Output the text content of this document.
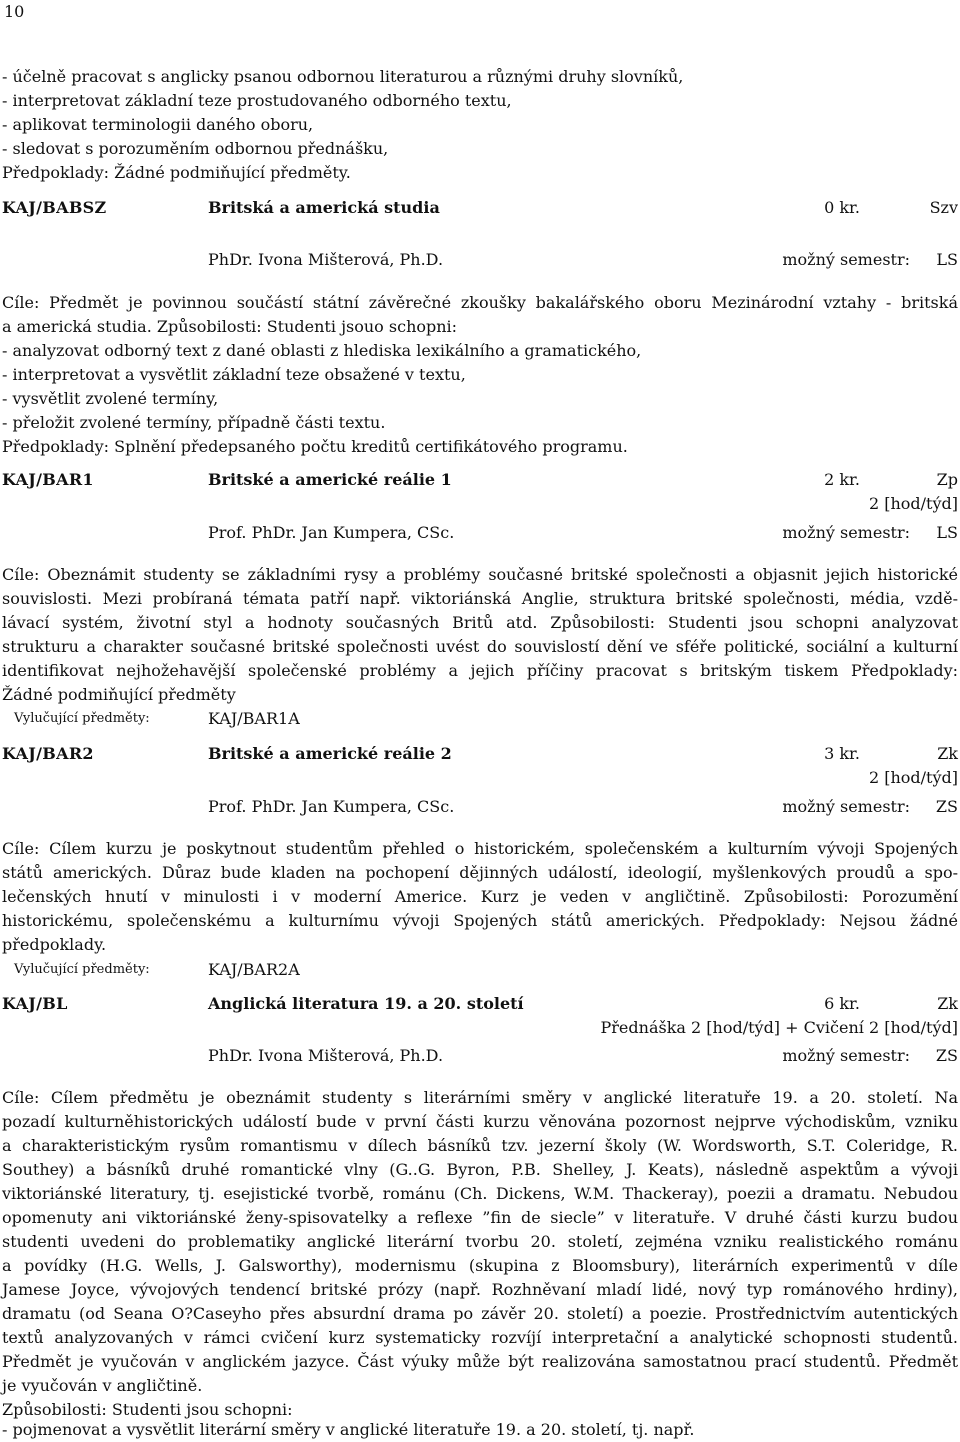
10
- účelně pracovat s anglicky psanou odbornou literaturou a různými druhy slovníků,
- interpretovat základní teze prostudovaného odborného textu,
- aplikovat terminologii daného oboru,
- sledovat s porozuměním odbornou přednášku,
Předpoklady: Žádné podmiňující předměty.
KAJ/BABSZ	Britská a americká studia	0 kr.	Szv
PhDr. Ivona Mišterová, Ph.D.	možný semestr: LS
Cíle: Předmět je povinnou součástí státní závěrečné zkoušky bakalářského oboru Mezinárodní vztahy - britská
a americká studia. Způsobilosti: Studenti jsouo schopni:
- analyzovat odborný text z dané oblasti z hlediska lexikálního a gramatického,
- interpretovat a vysvětlit základní teze obsažené v textu,
- vysvětlit zvolené termíny,
- přeložit zvolené termíny, případně části textu.
Předpoklady: Splnění předepsaného počtu kreditů certifikátového programu.
KAJ/BAR1	Britské a americké reálie 1	2 kr.	Zp
2 [hod/týd]
Prof. PhDr. Jan Kumpera, CSc.	možný semestr: LS
Cíle: Obeznámit studenty se základními rysy a problémy současné britské společnosti a objasnit jejich historické
souvislosti. Mezi probíraná témata patří např. viktoriánská Anglie, struktura britské společnosti, média, vzdě-
lávací systém, životní styl a hodnoty současných Britů atd. Způsobilosti: Studenti jsou schopni analyzovat
strukturu a charakter současné britské společnosti uvést do souvislostí dění ve sféře politické, sociální a kulturní
identifikovat nejhožehavější společenské problémy a jejich příčiny pracovat s britským tiskem Předpoklady:
Žádné podmiňující předměty
Vylučující předměty:	KAJ/BAR1A
KAJ/BAR2	Britské a americké reálie 2	3 kr.	Zk
2 [hod/týd]
Prof. PhDr. Jan Kumpera, CSc.	možný semestr: ZS
Cíle: Cílem kurzu je poskytnout studentům přehled o historickém, společenském a kulturním vývoji Spojených
států amerických. Důraz bude kladen na pochopení dějinných událostí, ideologií, myšlenkových proudů a spo-
lečenských hnutí v minulosti i v moderní Americe. Kurz je veden v angličtině. Způsobilosti: Porozumění
historickému, společenskému a kulturnímu vývoji Spojených států amerických. Předpoklady: Nejsou žádné
předpoklady.
Vylučující předměty:	KAJ/BAR2A
KAJ/BL	Anglická literatura 19. a 20. století	6 kr.	Zk
Přednáška 2 [hod/týd] + Cvičení 2 [hod/týd]
PhDr. Ivona Mišterová, Ph.D.	možný semestr: ZS
Cíle: Cílem předmětu je obeznámit studenty s literárními směry v anglické literatuře 19. a 20. století. Na
pozadí kulturněhistorických událostí bude v první části kurzu věnována pozornost nejprve východiskům, vzniku
a charakteristickým rysům romantismu v dílech básníků tzv. jezerní školy (W. Wordsworth, S.T. Coleridge, R.
Southey) a básníků druhé romantické vlny (G..G. Byron, P.B. Shelley, J. Keats), následně aspektům a vývoji
viktoriánské literatury, tj. esejistické tvorbě, románu (Ch. Dickens, W.M. Thackeray), poezii a dramatu. Nebudou
opomenuty ani viktoriánské ženy-spisovatelky a reflexe ”fin de siecle” v literatuře. V druhé části kurzu budou
studenti uvedeni do problematiky anglické literární tvorbu 20. století, zejména vzniku realistického románu
a povídky (H.G. Wells, J. Galsworthy), modernismu (skupina z Bloomsbury), literárních experimentů v díle
Jamese Joyce, vývojových tendencí britské prózy (např. Rozhněvaní mladí lidé, nový typ románového hrdiny),
dramatu (od Seana O?Caseyho přes absurdní drama po závěr 20. století) a poezie. Prostřednictvím autentických
textů analyzovaných v rámci cvičení kurz systematicky rozvíjí interpretační a analytické schopnosti studentů.
Předmět je vyučován v anglickém jazyce. Část výuky může být realizována samostatnou prací studentů. Předmět
je vyučován v angličtině.
Způsobilosti: Studenti jsou schopni:
- pojmenovat a vysvětlit literární směry v anglické literatuře 19. a 20. století, tj. např.
